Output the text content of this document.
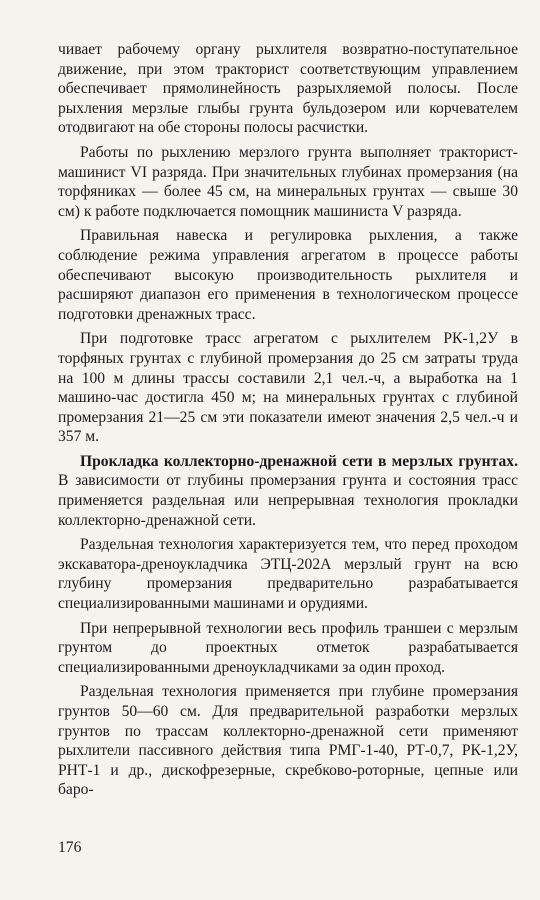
чивает рабочему органу рыхлителя возвратно-поступательное движение, при этом тракторист соответствующим управлением обеспечивает прямолинейность разрыхляемой полосы. После рыхления мерзлые глыбы грунта бульдозером или корчевателем отодвигают на обе стороны полосы расчистки.

Работы по рыхлению мерзлого грунта выполняет тракторист-машинист VI разряда. При значительных глубинах промерзания (на торфяниках — более 45 см, на минеральных грунтах — свыше 30 см) к работе подключается помощник машиниста V разряда.

Правильная навеска и регулировка рыхления, а также соблюдение режима управления агрегатом в процессе работы обеспечивают высокую производительность рыхлителя и расширяют диапазон его применения в технологическом процессе подготовки дренажных трасс.

При подготовке трасс агрегатом с рыхлителем РК-1,2У в торфяных грунтах с глубиной промерзания до 25 см затраты труда на 100 м длины трассы составили 2,1 чел.-ч, а выработка на 1 машино-час достигла 450 м; на минеральных грунтах с глубиной промерзания 21—25 см эти показатели имеют значения 2,5 чел.-ч и 357 м.

Прокладка коллекторно-дренажной сети в мерзлых грунтах. В зависимости от глубины промерзания грунта и состояния трасс применяется раздельная или непрерывная технология прокладки коллекторно-дренажной сети.

Раздельная технология характеризуется тем, что перед проходом экскаватора-дреноукладчика ЭТЦ-202А мерзлый грунт на всю глубину промерзания предварительно разрабатывается специализированными машинами и орудиями.

При непрерывной технологии весь профиль траншеи с мерзлым грунтом до проектных отметок разрабатывается специализированными дреноукладчиками за один проход.

Раздельная технология применяется при глубине промерзания грунтов 50—60 см. Для предварительной разработки мерзлых грунтов по трассам коллекторно-дренажной сети применяют рыхлители пассивного действия типа РМГ-1-40, РТ-0,7, РК-1,2У, РНТ-1 и др., дискофрезерные, скребково-роторные, цепные или баро-

176
